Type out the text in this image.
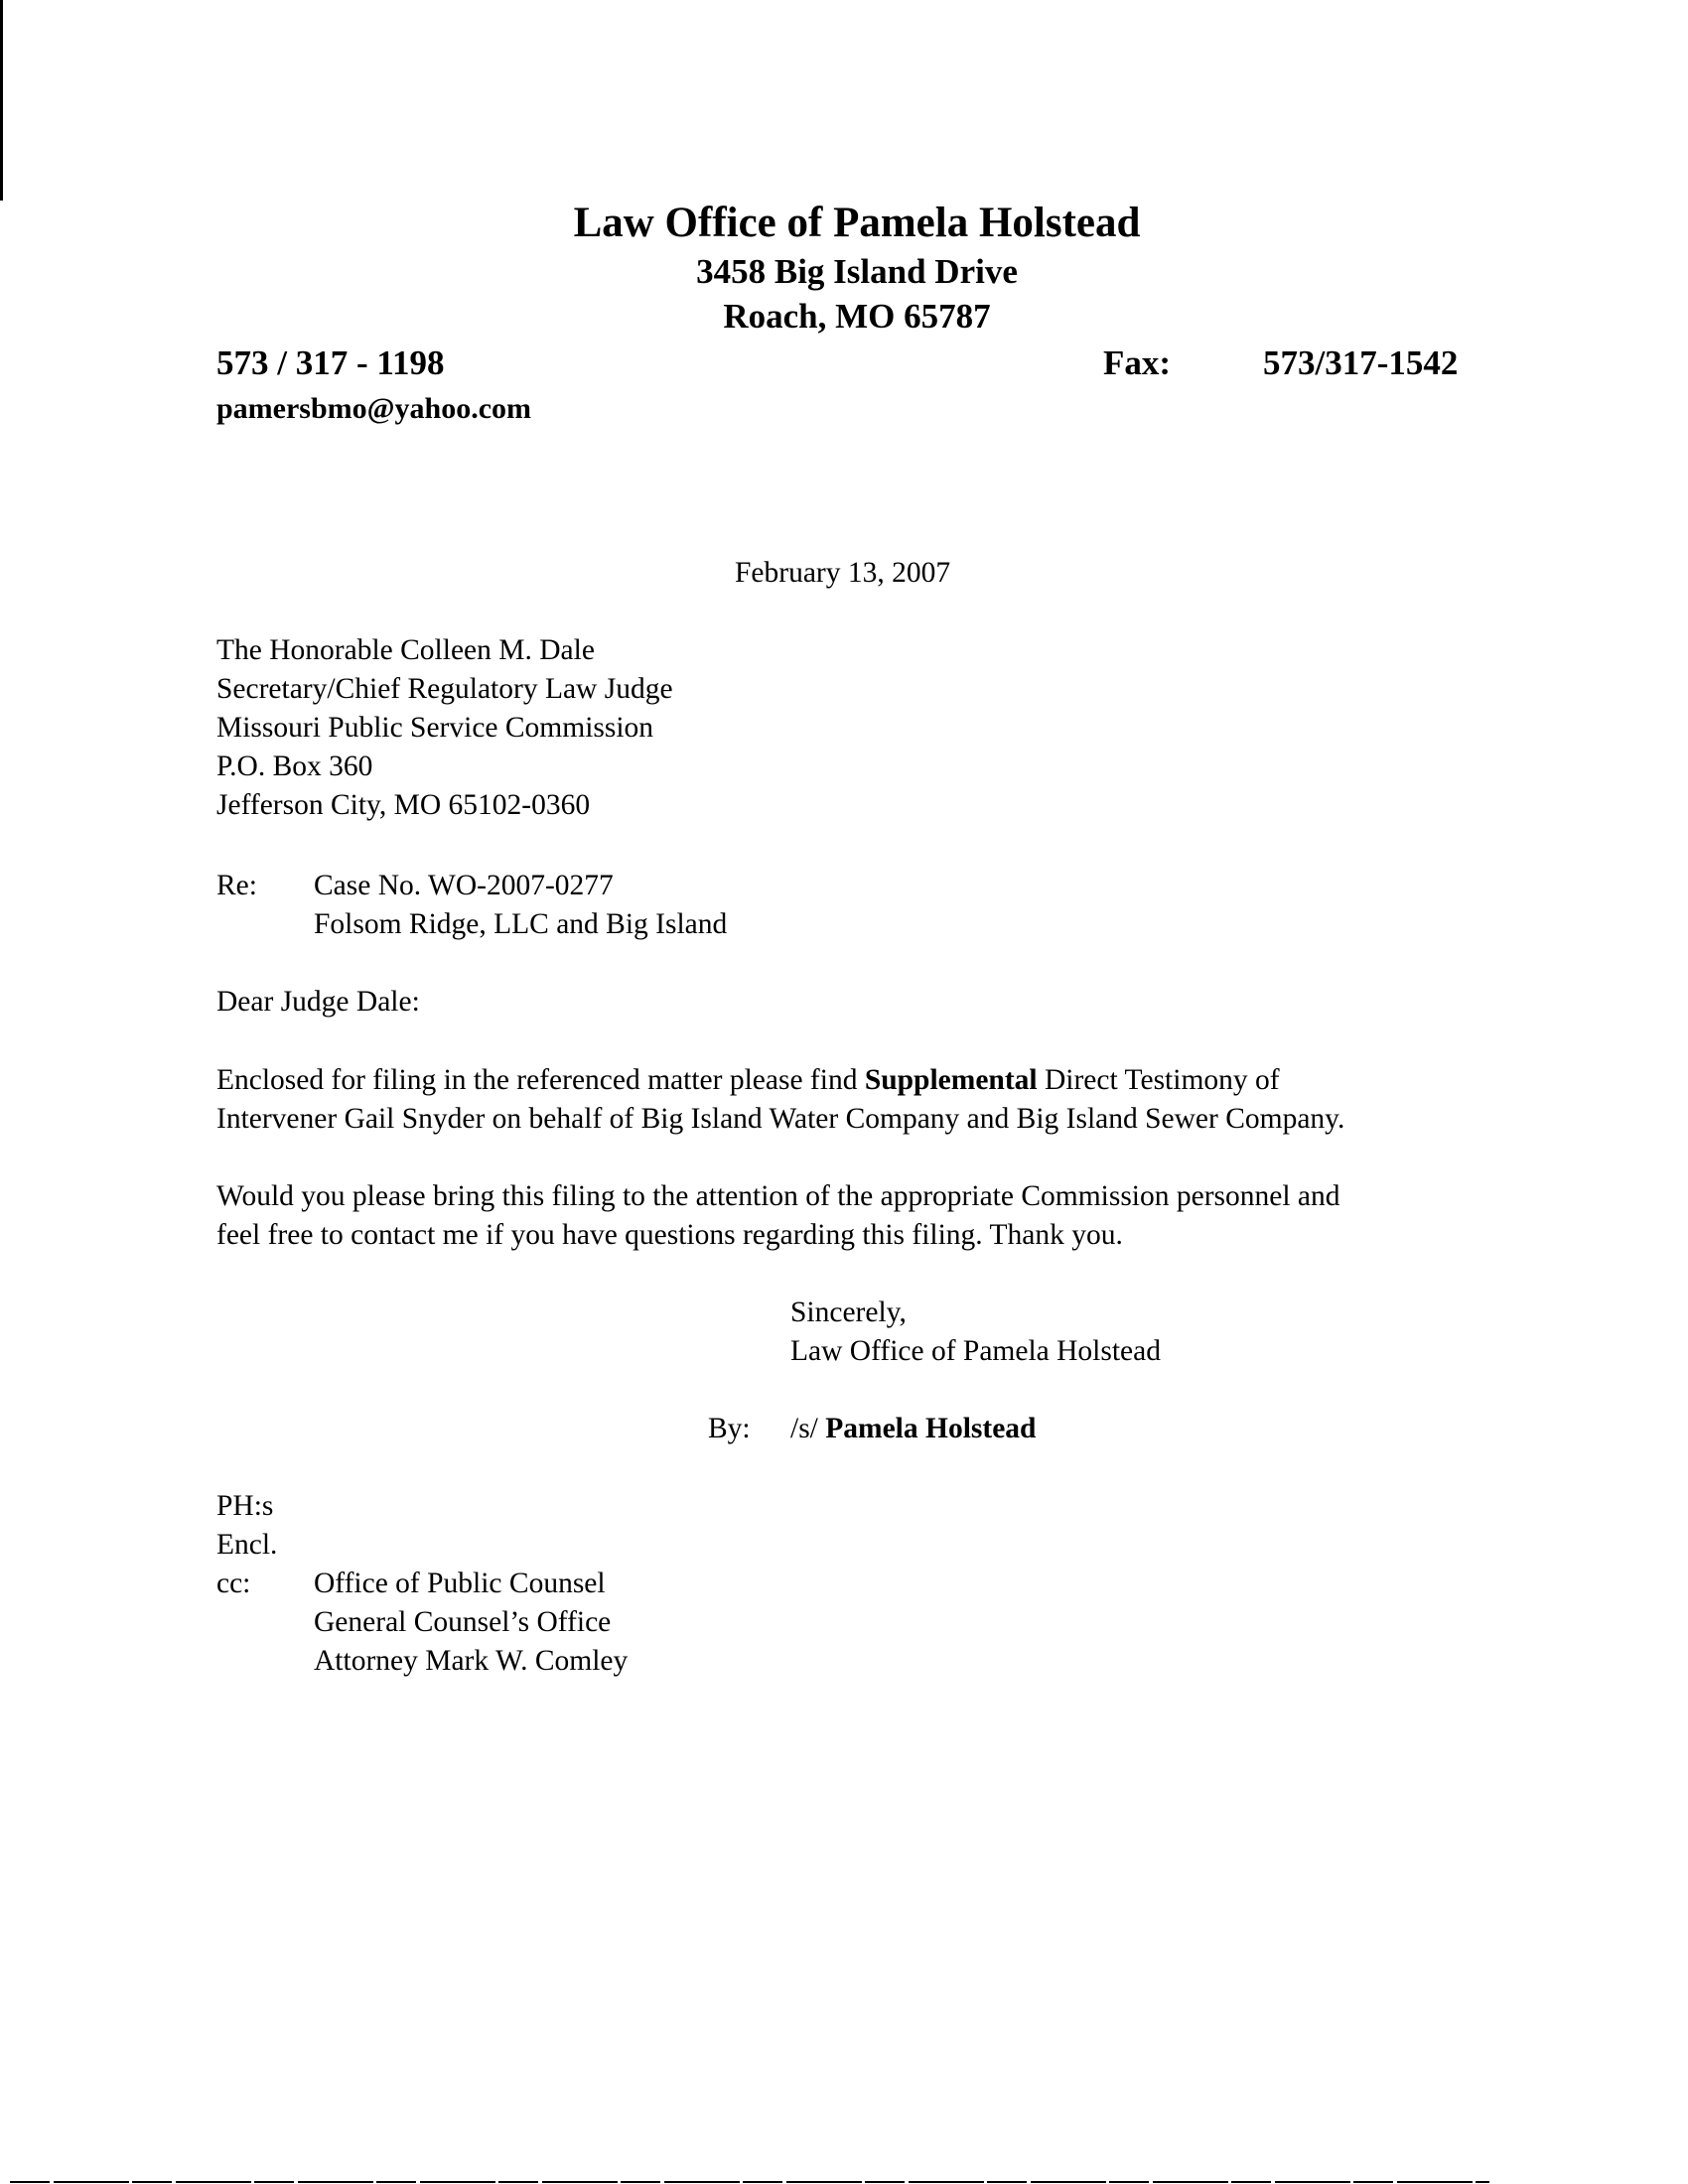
Law Office of Pamela Holstead
3458 Big Island Drive
Roach, MO 65787
573 / 317 - 1198	Fax:	573/317-1542
pamersbmo@yahoo.com
February 13, 2007
The Honorable Colleen M. Dale
Secretary/Chief Regulatory Law Judge
Missouri Public Service Commission
P.O. Box 360
Jefferson City, MO 65102-0360
Re: Case No. WO-2007-0277
Folsom Ridge, LLC and Big Island
Dear Judge Dale:
Enclosed for filing in the referenced matter please find Supplemental Direct Testimony of
Intervener Gail Snyder on behalf of Big Island Water Company and Big Island Sewer Company.
Would you please bring this filing to the attention of the appropriate Commission personnel and
feel free to contact me if you have questions regarding this filing. Thank you.
Sincerely,
Law Office of Pamela Holstead
By: /s/ Pamela Holstead
PH:s
Encl.
cc: Office of Public Counsel
General Counsel’s Office
Attorney Mark W. Comley
